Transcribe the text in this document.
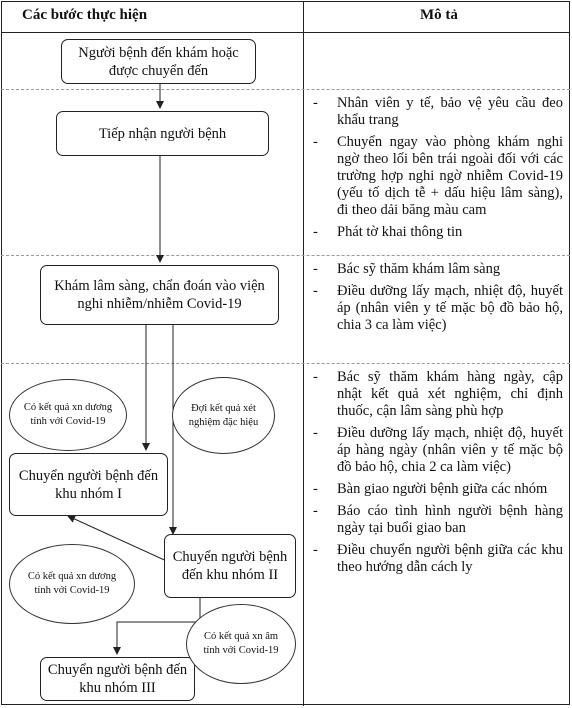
Các bước thực hiện	Mô tả
Người bệnh đến khám hoặc được chuyển đến
Tiếp nhận người bệnh
Khám lâm sàng, chẩn đoán vào viện nghi nhiễm/nhiễm Covid-19
Chuyển người bệnh đến khu nhóm I
Chuyển người bệnh đến khu nhóm II
Chuyển người bệnh đến khu nhóm III
Có kết quả xn dương tính với Covid-19
Đợi kết quả xét nghiệm đặc hiệu
Có kết quả xn dương tính với Covid-19
Có kết quả xn âm tính với Covid-19
- Nhân viên y tế, bảo vệ yêu cầu đeo khẩu trang
- Chuyển ngay vào phòng khám nghi ngờ theo lối bên trái ngoài đối với các trường hợp nghi ngờ nhiễm Covid-19 (yếu tố dịch tễ + dấu hiệu lâm sàng), đi theo dải băng màu cam
- Phát tờ khai thông tin
- Bác sỹ thăm khám lâm sàng
- Điều dưỡng lấy mạch, nhiệt độ, huyết áp (nhân viên y tế mặc bộ đồ bảo hộ, chia 3 ca làm việc)
- Bác sỹ thăm khám hàng ngày, cập nhật kết quả xét nghiệm, chỉ định thuốc, cận lâm sàng phù hợp
- Điều dưỡng lấy mạch, nhiệt độ, huyết áp hàng ngày (nhân viên y tế mặc bộ đồ bảo hộ, chia 2 ca làm việc)
- Bàn giao người bệnh giữa các nhóm
- Báo cáo tình hình người bệnh hàng ngày tại buổi giao ban
- Điều chuyển người bệnh giữa các khu theo hướng dẫn cách ly
